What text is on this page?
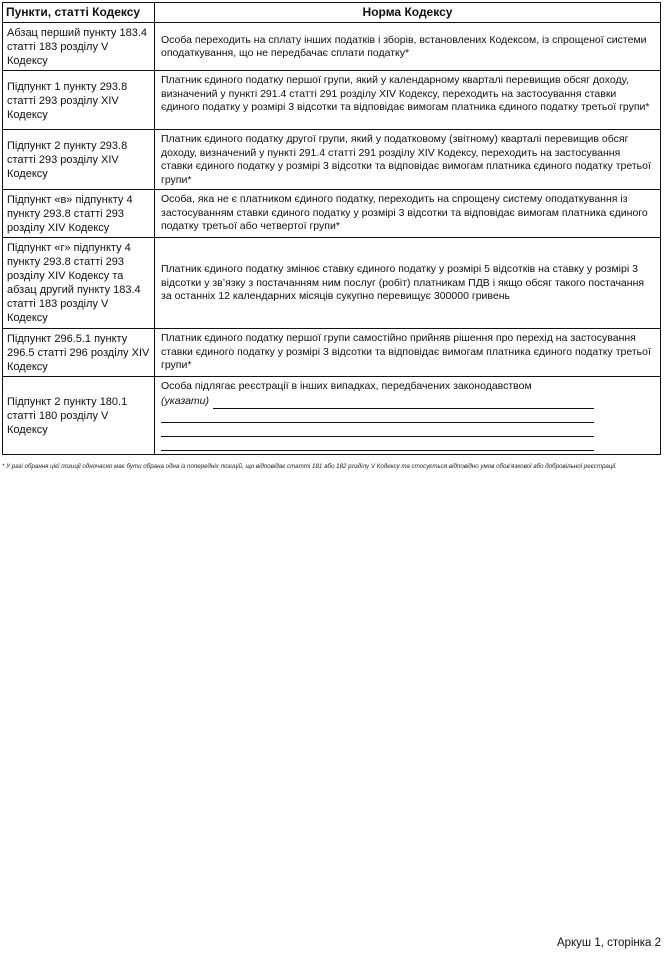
Пункти, статті Кодексу	Норма Кодексу
Абзац перший пункту 183.4 статті 183 розділу V Кодексу	Особа переходить на сплату інших податків і зборів, встановлених Кодексом, із спрощеної системи оподаткування, що не передбачає сплати податку*
Підпункт 1 пункту 293.8 статті 293 розділу XIV Кодексу	Платник єдиного податку першої групи, який у календарному кварталі перевищив обсяг доходу, визначений у пункті 291.4 статті 291 розділу XIV Кодексу, переходить на застосування ставки єдиного податку у розмірі 3 відсотки та відповідає вимогам платника єдиного податку третьої групи*
Підпункт 2 пункту 293.8 статті 293 розділу XIV Кодексу	Платник єдиного податку другої групи, який у податковому (звітному) кварталі перевищив обсяг доходу, визначений у пункті 291.4 статті 291 розділу XIV Кодексу, переходить на застосування ставки єдиного податку у розмірі 3 відсотки та відповідає вимогам платника єдиного податку третьої групи*
Підпункт «в» підпункту 4 пункту 293.8 статті 293 розділу XIV Кодексу	Особа, яка не є платником єдиного податку, переходить на спрощену систему оподаткування із застосуванням ставки єдиного податку у розмірі 3 відсотки та відповідає вимогам платника єдиного податку третьої або четвертої групи*
Підпункт «г» підпункту 4 пункту 293.8 статті 293 розділу XIV Кодексу та абзац другий пункту 183.4 статті 183 розділу V Кодексу	Платник єдиного податку змінює ставку єдиного податку у розмірі 5 відсотків на ставку у розмірі 3 відсотки у зв’язку з постачанням ним послуг (робіт) платникам ПДВ і якщо обсяг такого постачання за останніх 12 календарних місяців сукупно перевищує 300000 гривень
Підпункт 296.5.1 пункту 296.5 статті 296 розділу XIV Кодексу	Платник єдиного податку першої групи самостійно прийняв рішення про перехід на застосування ставки єдиного податку у розмірі 3 відсотки та відповідає вимогам платника єдиного податку третьої групи*
Підпункт 2 пункту 180.1 статті 180 розділу V Кодексу	Особа підлягає реєстрації в інших випадках, передбачених законодавством
(указати)
* У разі обрання цієї позиції одночасно має бути обрана одна із попередніх позицій, що відповідає статті 181 або 182 розділу V Кодексу та стосується відповідно умов обов’язкової або добровільної реєстрації.
Аркуш 1, сторінка 2
